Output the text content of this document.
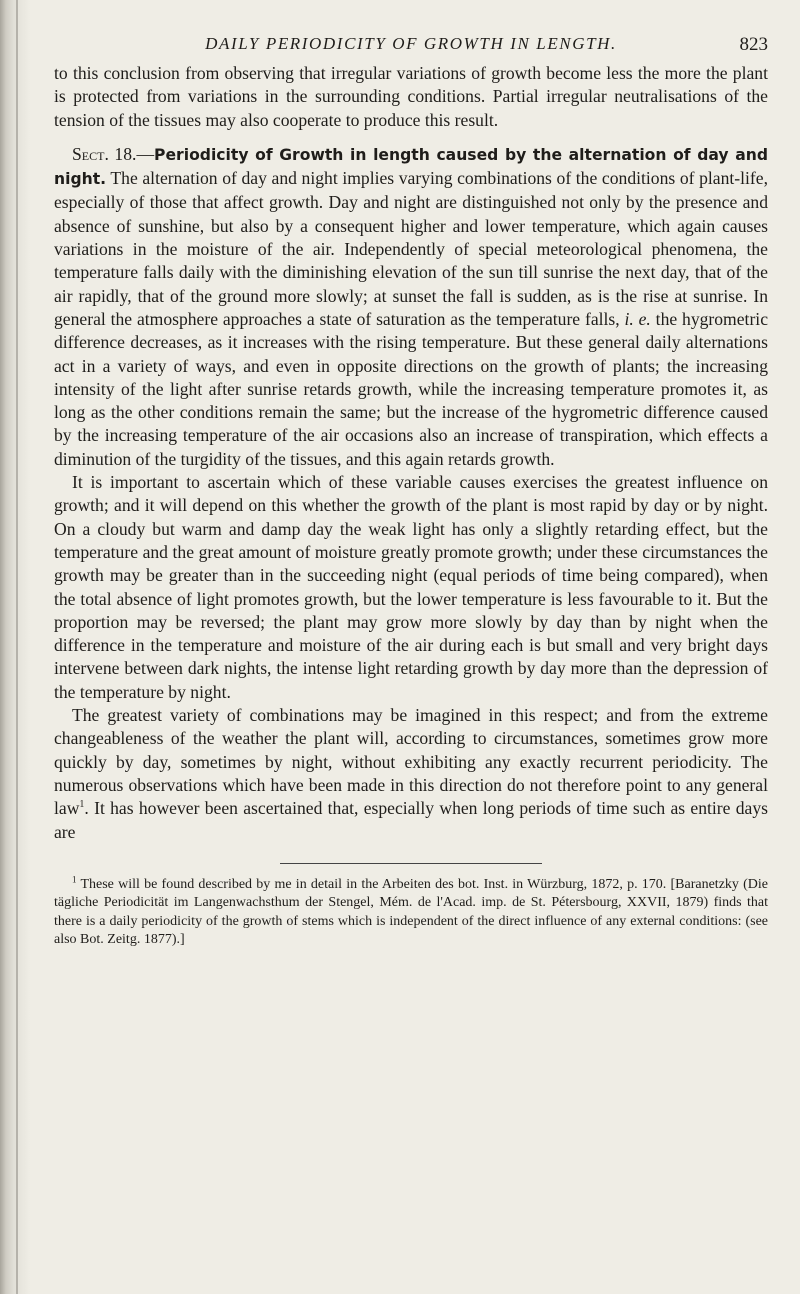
DAILY PERIODICITY OF GROWTH IN LENGTH.	823

to this conclusion from observing that irregular variations of growth become less the more the plant is protected from variations in the surrounding conditions. Partial irregular neutralisations of the tension of the tissues may also cooperate to produce this result.

Sect. 18.—Periodicity of Growth in length caused by the alternation of day and night. The alternation of day and night implies varying combinations of the conditions of plant-life, especially of those that affect growth. Day and night are distinguished not only by the presence and absence of sunshine, but also by a consequent higher and lower temperature, which again causes variations in the moisture of the air. Independently of special meteorological phenomena, the temperature falls daily with the diminishing elevation of the sun till sunrise the next day, that of the air rapidly, that of the ground more slowly; at sunset the fall is sudden, as is the rise at sunrise. In general the atmosphere approaches a state of saturation as the temperature falls, i. e. the hygrometric difference decreases, as it increases with the rising temperature. But these general daily alternations act in a variety of ways, and even in opposite directions on the growth of plants; the increasing intensity of the light after sunrise retards growth, while the increasing temperature promotes it, as long as the other conditions remain the same; but the increase of the hygrometric difference caused by the increasing temperature of the air occasions also an increase of transpiration, which effects a diminution of the turgidity of the tissues, and this again retards growth.

It is important to ascertain which of these variable causes exercises the greatest influence on growth; and it will depend on this whether the growth of the plant is most rapid by day or by night. On a cloudy but warm and damp day the weak light has only a slightly retarding effect, but the temperature and the great amount of moisture greatly promote growth; under these circumstances the growth may be greater than in the succeeding night (equal periods of time being compared), when the total absence of light promotes growth, but the lower temperature is less favourable to it. But the proportion may be reversed; the plant may grow more slowly by day than by night when the difference in the temperature and moisture of the air during each is but small and very bright days intervene between dark nights, the intense light retarding growth by day more than the depression of the temperature by night.

The greatest variety of combinations may be imagined in this respect; and from the extreme changeableness of the weather the plant will, according to circumstances, sometimes grow more quickly by day, sometimes by night, without exhibiting any exactly recurrent periodicity. The numerous observations which have been made in this direction do not therefore point to any general law$^1$. It has however been ascertained that, especially when long periods of time such as entire days are

$^1$ These will be found described by me in detail in the Arbeiten des bot. Inst. in Würzburg, 1872, p. 170. [Baranetzky (Die tägliche Periodicität im Langenwachsthum der Stengel, Mém. de l'Acad. imp. de St. Pétersbourg, XXVII, 1879) finds that there is a daily periodicity of the growth of stems which is independent of the direct influence of any external conditions: (see also Bot. Zeitg. 1877).]
